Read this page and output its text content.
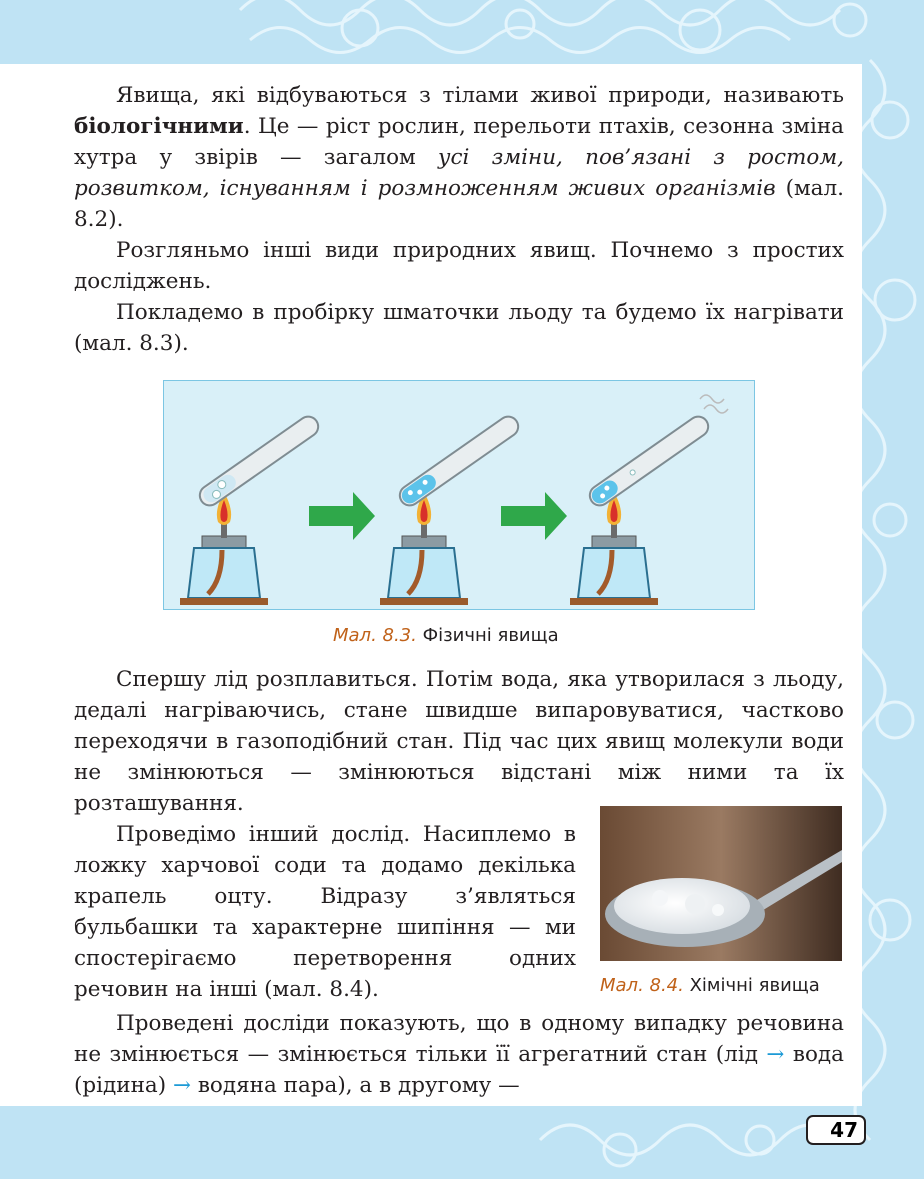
Явища, які відбуваються з тілами живої природи, називають біологічними. Це — ріст рослин, перельоти птахів, сезонна зміна хутра у звірів — загалом усі зміни, пов’язані з ростом, розвитком, існуванням і розмноженням живих організмів (мал. 8.2).

Розгляньмо інші види природних явищ. Почнемо з простих досліджень.

Покладемо в пробірку шматочки льоду та будемо їх нагрівати (мал. 8.3).

Мал. 8.3. Фізичні явища

Спершу лід розплавиться. Потім вода, яка утворилася з льоду, дедалі нагріваючись, стане швидше випаровуватися, частково переходячи в газоподібний стан. Під час цих явищ молекули води не змінюються — змінюються відстані між ними та їх розташування.

Проведімо інший дослід. Насиплемо в ложку харчової соди та додамо декілька крапель оцту. Відразу з’являться бульбашки та характерне шипіння — ми спостерігаємо перетворення одних речовин на інші (мал. 8.4).	Мал. 8.4. Хімічні явища

Проведені досліди показують, що в одному випадку речовина не змінюється — змінюється тільки її агрегатний стан (лід → вода (рідина) → водяна пара), а в другому —

47
